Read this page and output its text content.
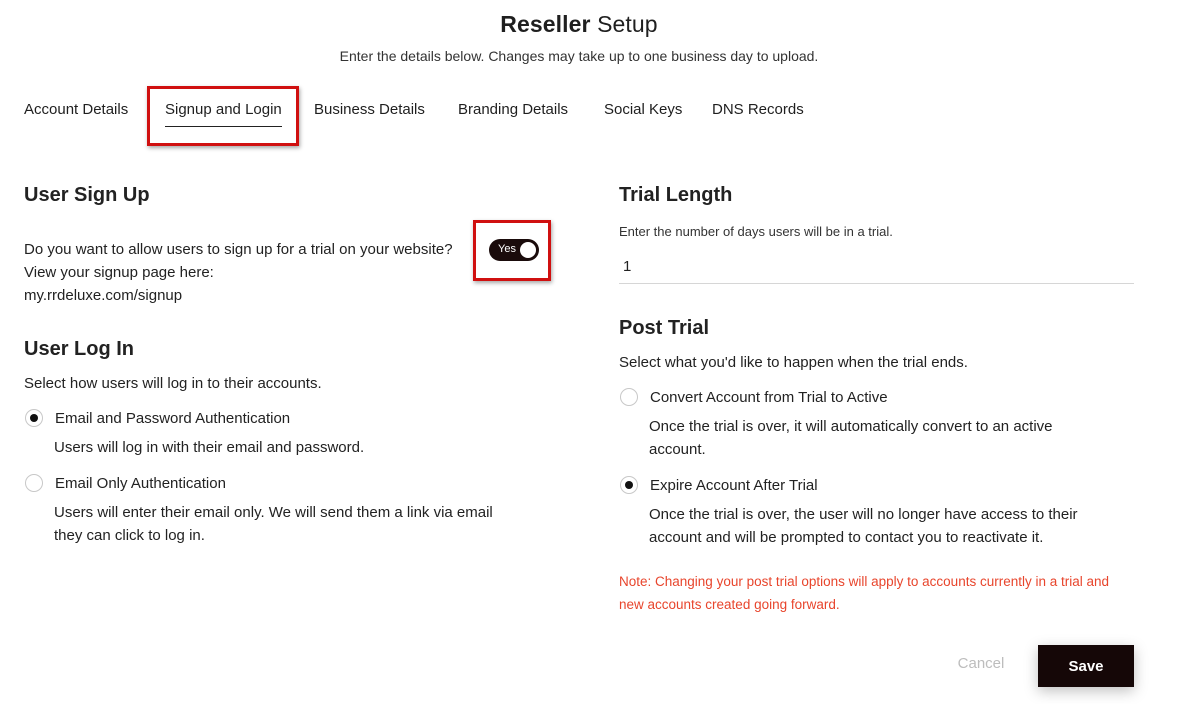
Reseller Setup
Enter the details below. Changes may take up to one business day to upload.
Account Details Signup and Login Business Details Branding Details Social Keys DNS Records
User Sign Up
Do you want to allow users to sign up for a trial on your website?
View your signup page here:
my.rrdeluxe.com/signup
Yes
User Log In
Select how users will log in to their accounts.
Email and Password Authentication
Users will log in with their email and password.
Email Only Authentication
Users will enter their email only. We will send them a link via email
they can click to log in.
Trial Length
Enter the number of days users will be in a trial.
1
Post Trial
Select what you'd like to happen when the trial ends.
Convert Account from Trial to Active
Once the trial is over, it will automatically convert to an active
account.
Expire Account After Trial
Once the trial is over, the user will no longer have access to their
account and will be prompted to contact you to reactivate it.
Note: Changing your post trial options will apply to accounts currently in a trial and
new accounts created going forward.
Cancel	Save
